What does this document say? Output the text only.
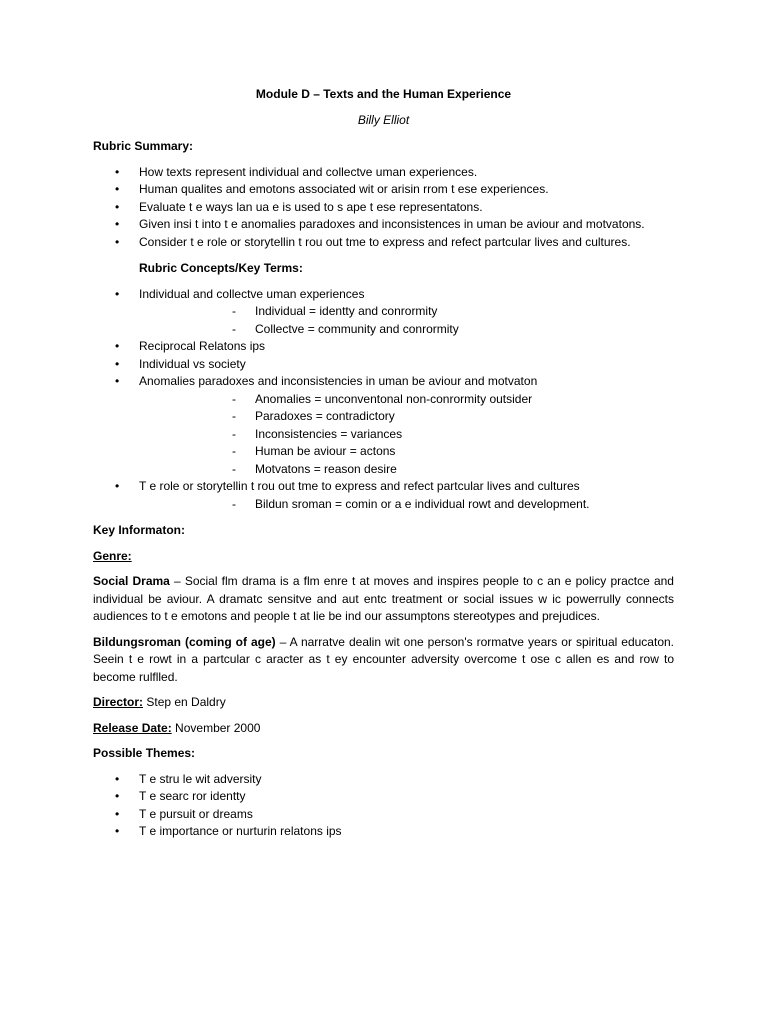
Module D – Texts and the Human Experience
Billy Elliot
Rubric Summary:
• How texts represent individual and collectve uman experiences.
• Human qualites and emotons associated wit or arisin rrom t ese experiences.
• Evaluate t e ways lan ua e is used to s ape t ese representatons.
• Given insi t into t e anomalies paradoxes and inconsistences in uman be aviour and motvatons.
• Consider t e role or storytellin t rou out tme to express and refect partcular lives and cultures.
Rubric Concepts/Key Terms:
• Individual and collectve uman experiences
- Individual = identty and conrormity
- Collectve = community and conrormity
• Reciprocal Relatons ips
• Individual vs society
• Anomalies paradoxes and inconsistencies in uman be aviour and motvaton
- Anomalies = unconventonal non-conrormity outsider
- Paradoxes = contradictory
- Inconsistencies = variances
- Human be aviour = actons
- Motvatons = reason desire
• T e role or storytellin t rou out tme to express and refect partcular lives and cultures
- Bildun sroman = comin or a e individual rowt and development.
Key Informaton:
Genre:

Social Drama – Social flm drama is a flm enre t at moves and inspires people to c an e policy practce and individual be aviour. A dramatc sensitve and aut entc treatment or social issues w ic powerrully connects audiences to t e emotons and people t at lie be ind our assumptons stereotypes and prejudices.

Bildungsroman (coming of age) – A narratve dealin wit one person's rormatve years or spiritual educaton. Seein t e rowt in a partcular c aracter as t ey encounter adversity overcome t ose c allen es and row to become rulflled.

Director: Step en Daldry

Release Date: November 2000

Possible Themes:
• T e stru le wit adversity
• T e searc ror identty
• T e pursuit or dreams
• T e importance or nurturin relatons ips
